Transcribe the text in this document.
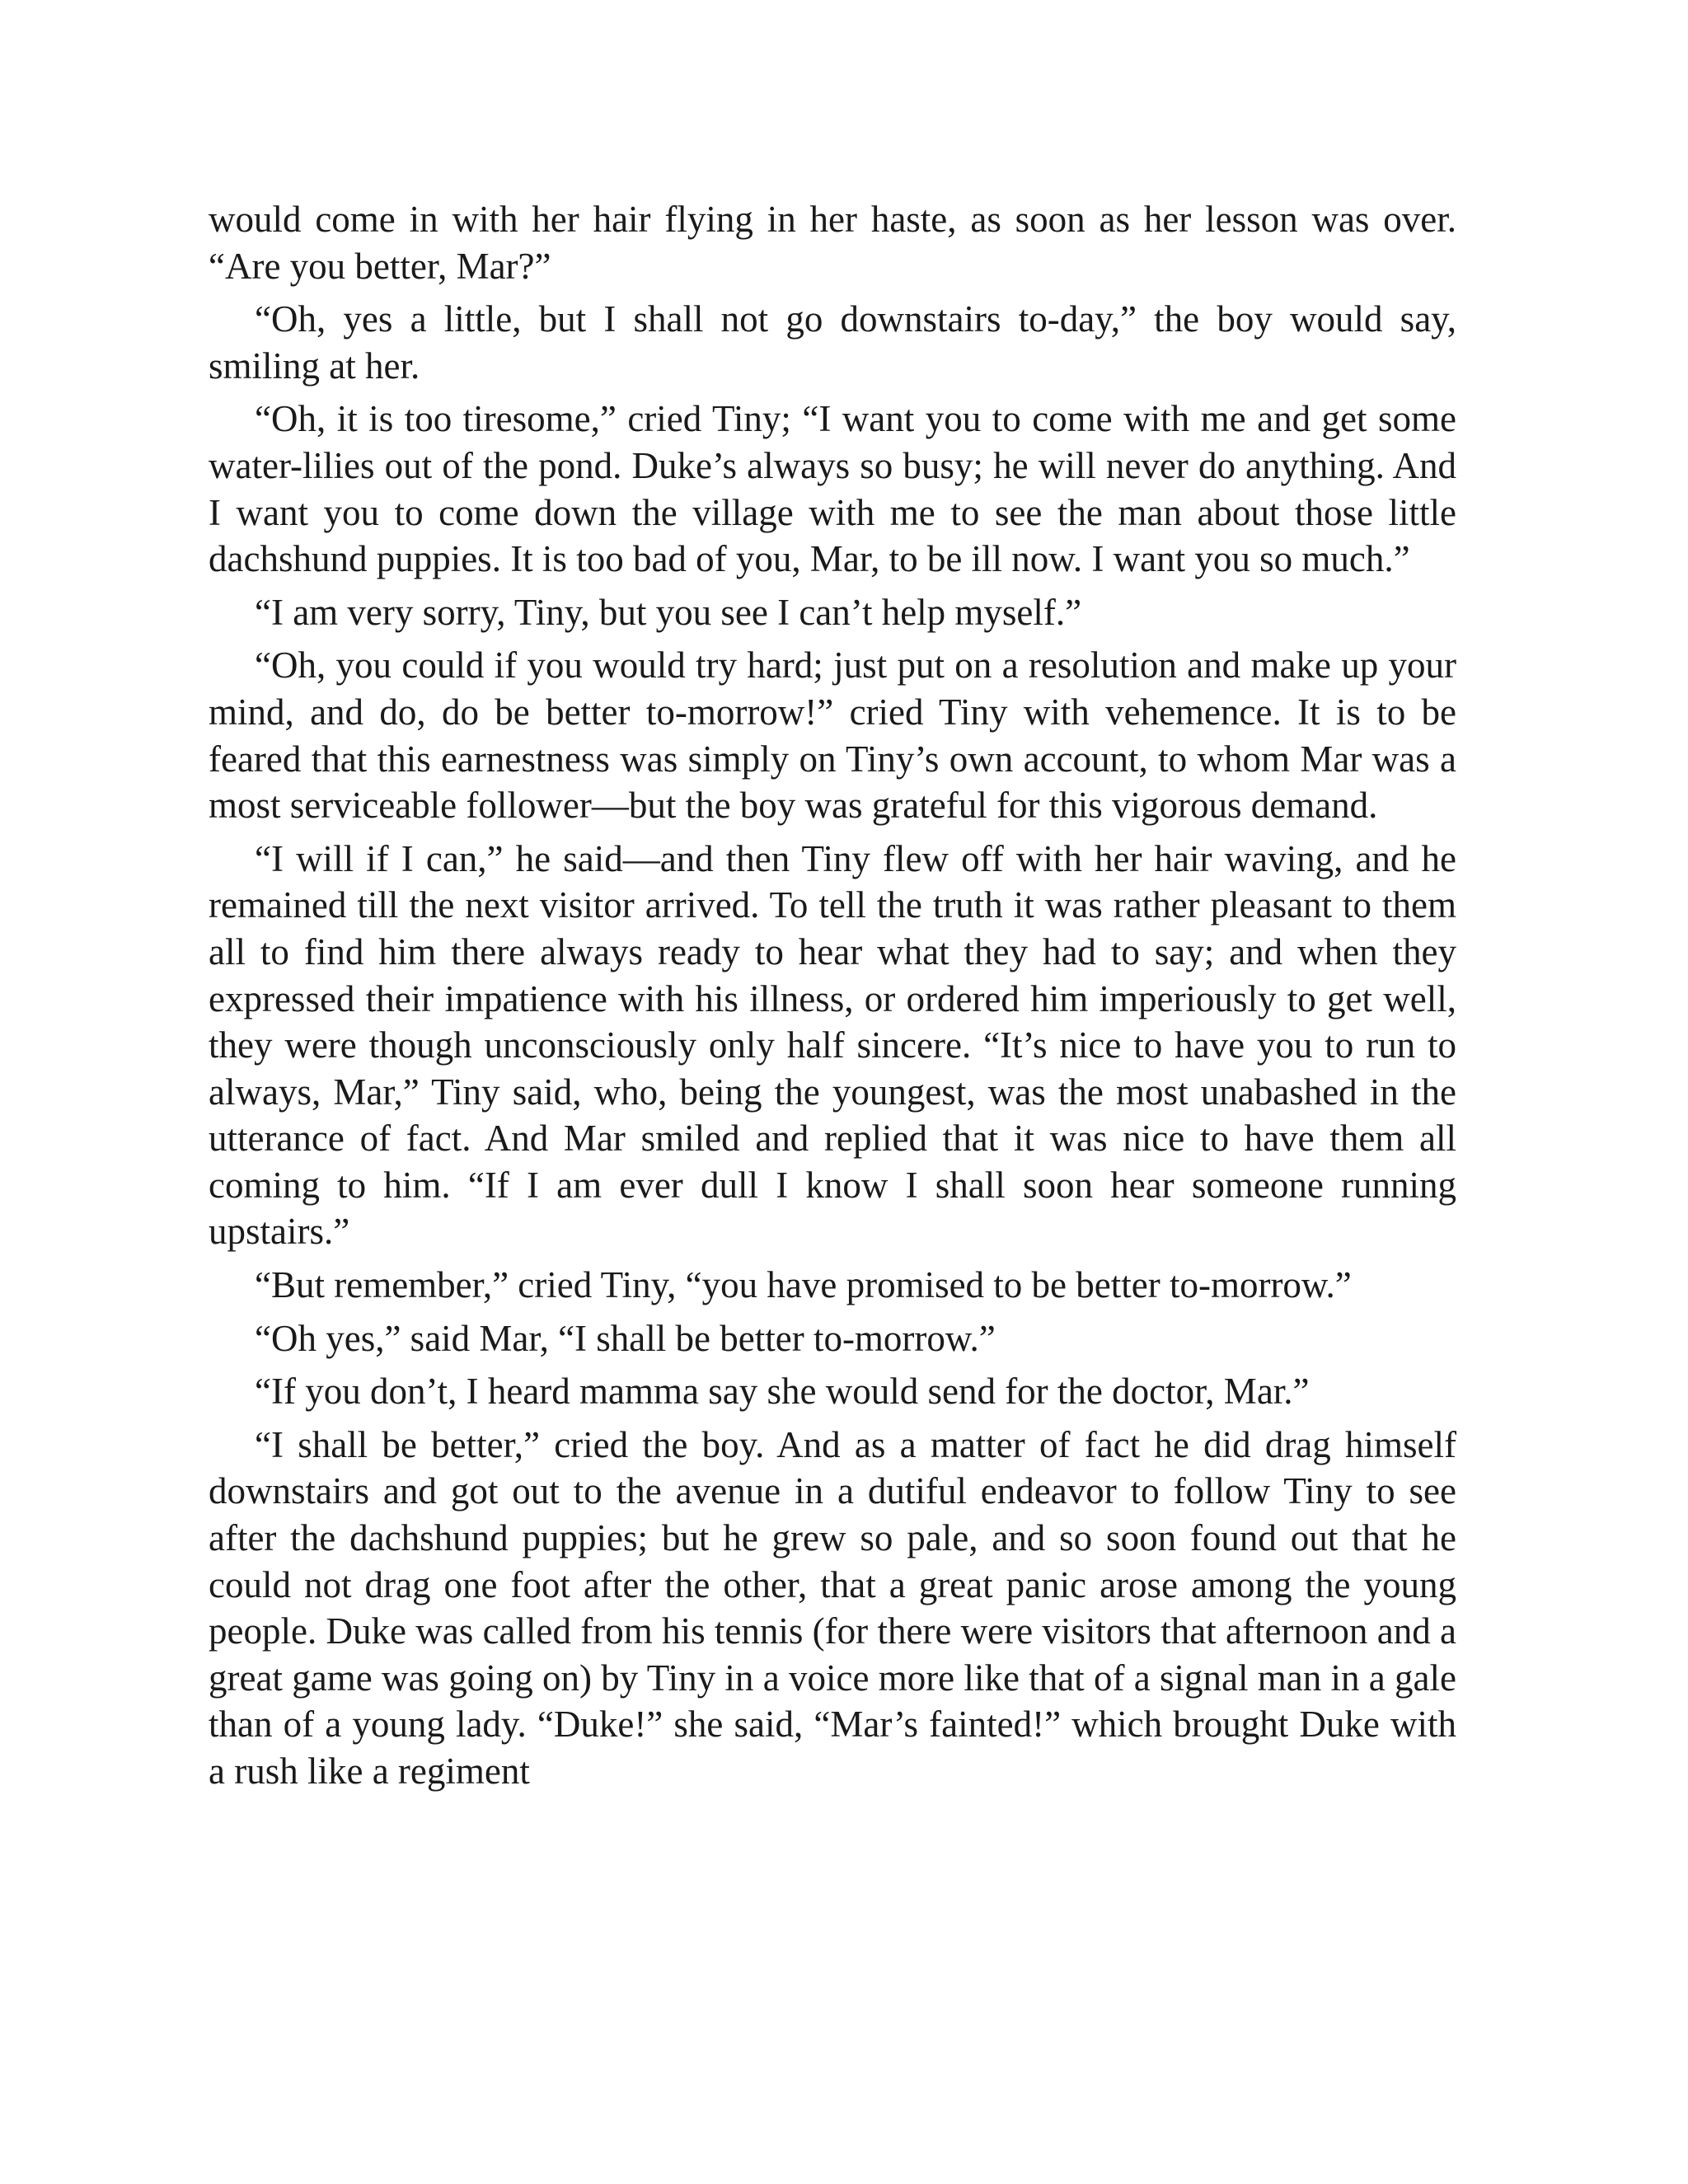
would come in with her hair flying in her haste, as soon as her lesson was over. “Are you better, Mar?”

“Oh, yes a little, but I shall not go downstairs to-day,” the boy would say, smiling at her.

“Oh, it is too tiresome,” cried Tiny; “I want you to come with me and get some water-lilies out of the pond. Duke’s always so busy; he will never do anything. And I want you to come down the village with me to see the man about those little dachshund puppies. It is too bad of you, Mar, to be ill now. I want you so much.”

“I am very sorry, Tiny, but you see I can’t help myself.”

“Oh, you could if you would try hard; just put on a resolution and make up your mind, and do, do be better to-morrow!” cried Tiny with vehemence. It is to be feared that this earnestness was simply on Tiny’s own account, to whom Mar was a most serviceable follower—but the boy was grateful for this vigorous demand.

“I will if I can,” he said—and then Tiny flew off with her hair waving, and he remained till the next visitor arrived. To tell the truth it was rather pleasant to them all to find him there always ready to hear what they had to say; and when they expressed their impatience with his illness, or ordered him imperiously to get well, they were though unconsciously only half sincere. “It’s nice to have you to run to always, Mar,” Tiny said, who, being the youngest, was the most unabashed in the utterance of fact. And Mar smiled and replied that it was nice to have them all coming to him. “If I am ever dull I know I shall soon hear someone running upstairs.”

“But remember,” cried Tiny, “you have promised to be better to-morrow.”

“Oh yes,” said Mar, “I shall be better to-morrow.”

“If you don’t, I heard mamma say she would send for the doctor, Mar.”

“I shall be better,” cried the boy. And as a matter of fact he did drag himself downstairs and got out to the avenue in a dutiful endeavor to follow Tiny to see after the dachshund puppies; but he grew so pale, and so soon found out that he could not drag one foot after the other, that a great panic arose among the young people. Duke was called from his tennis (for there were visitors that afternoon and a great game was going on) by Tiny in a voice more like that of a signal man in a gale than of a young lady. “Duke!” she said, “Mar’s fainted!” which brought Duke with a rush like a regiment
